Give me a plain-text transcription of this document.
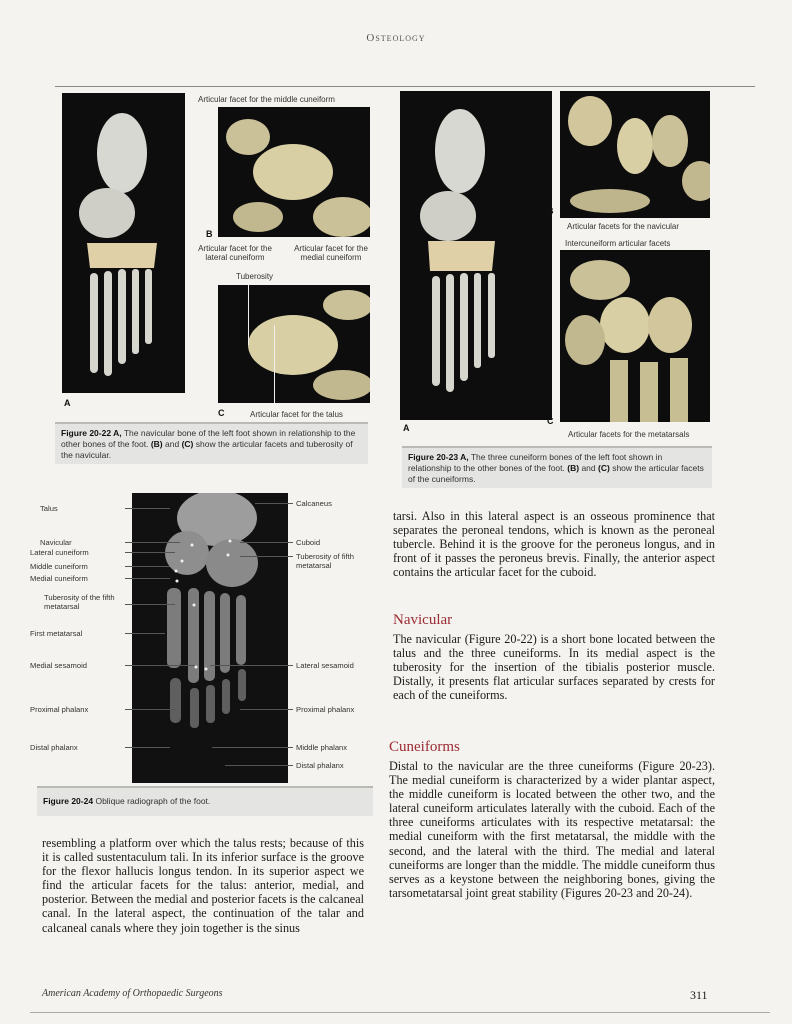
Osteology
A
Articular facet for the middle cuneiform
B
Articular facet for the lateral cuneiform
Articular facet for the medial cuneiform
Tuberosity
C	Articular facet for the talus
Figure 20-22 A, The navicular bone of the left foot shown in relationship to the other bones of the foot. (B) and (C) show the articular facets and tuberosity of the navicular.
A
B
Articular facets for the navicular
Intercuneiform articular facets
C
Articular facets for the metatarsals
Figure 20-23 A, The three cuneiform bones of the left foot shown in relationship to the other bones of the foot. (B) and (C) show the articular facets of the cuneiforms.
Talus
Navicular
Lateral cuneiform
Middle cuneiform
Medial cuneiform
Tuberosity of the fifth metatarsal
First metatarsal
Medial sesamoid
Proximal phalanx
Distal phalanx
Calcaneus
Cuboid
Tuberosity of fifth metatarsal
Lateral sesamoid
Proximal phalanx
Middle phalanx
Distal phalanx
Figure 20-24 Oblique radiograph of the foot.
resembling a platform over which the talus rests; because of this it is called sustentaculum tali. In its inferior surface is the groove for the flexor hallucis longus tendon. In its superior aspect we find the articular facets for the talus: anterior, medial, and posterior. Between the medial and posterior facets is the calcaneal canal. In the lateral aspect, the continuation of the talar and calcaneal canals where they join together is the sinus
tarsi. Also in this lateral aspect is an osseous prominence that separates the peroneal tendons, which is known as the peroneal tubercle. Behind it is the groove for the peroneus longus, and in front of it passes the peroneus brevis. Finally, the anterior aspect contains the articular facet for the cuboid.
Navicular
The navicular (Figure 20-22) is a short bone located between the talus and the three cuneiforms. In its medial aspect is the tuberosity for the insertion of the tibialis posterior muscle. Distally, it presents flat articular surfaces separated by crests for each of the cuneiforms.
Cuneiforms
Distal to the navicular are the three cuneiforms (Figure 20-23). The medial cuneiform is characterized by a wider plantar aspect, the middle cuneiform is located between the other two, and the lateral cuneiform articulates laterally with the cuboid. Each of the three cuneiforms articulates with its respective metatarsal: the medial cuneiform with the first metatarsal, the middle with the second, and the lateral with the third. The medial and lateral cuneiforms are longer than the middle. The middle cuneiform thus serves as a keystone between the neighboring bones, giving the tarsometatarsal joint great stability (Figures 20-23 and 20-24).
American Academy of Orthopaedic Surgeons	311
